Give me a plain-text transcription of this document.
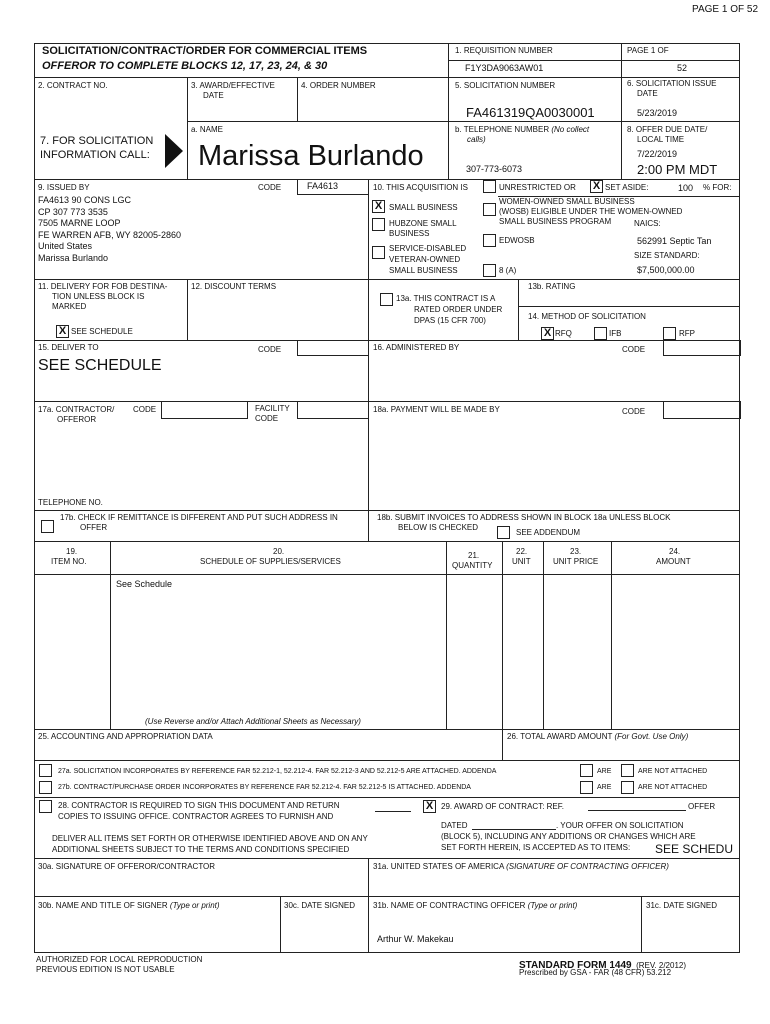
PAGE 1 OF 52
SOLICITATION/CONTRACT/ORDER FOR COMMERCIAL ITEMS
OFFEROR TO COMPLETE BLOCKS 12, 17, 23, 24, & 30
1. REQUISITION NUMBER
F1Y3DA9063AW01
PAGE 1 OF
52
2. CONTRACT NO.	3. AWARD/EFFECTIVE
DATE
4. ORDER NUMBER	5. SOLICITATION NUMBER
FA461319QA0030001
6. SOLICITATION ISSUE
DATE
5/23/2019
7. FOR SOLICITATION
INFORMATION CALL:
a. NAME
Marissa Burlando
b. TELEPHONE NUMBER (No collect
calls)
307-773-6073
8. OFFER DUE DATE/
LOCAL TIME
7/22/2019
2:00 PM MDT
9. ISSUED BY	CODE	FA4613
FA4613 90 CONS LGC
CP 307 773 3535
7505 MARNE LOOP
FE WARREN AFB, WY 82005-2860
United States
Marissa Burlando
10. THIS ACQUISITION IS	UNRESTRICTED OR X SET ASIDE:	100 % FOR:
X SMALL BUSINESS
HUBZONE SMALL
BUSINESS
SERVICE-DISABLED
VETERAN-OWNED
SMALL BUSINESS
WOMEN-OWNED SMALL BUSINESS
(WOSB) ELIGIBLE UNDER THE WOMEN-OWNED
SMALL BUSINESS PROGRAM
EDWOSB
8 (A)
NAICS:
562991 Septic Tan
SIZE STANDARD:
$7,500,000.00
11. DELIVERY FOR FOB DESTINA-
TION UNLESS BLOCK IS
MARKED
X SEE SCHEDULE
12. DISCOUNT TERMS
13a. THIS CONTRACT IS A
RATED ORDER UNDER
DPAS (15 CFR 700)
13b. RATING
14. METHOD OF SOLICITATION
X RFQ	IFB	RFP
15. DELIVER TO	CODE
SEE SCHEDULE
16. ADMINISTERED BY	CODE
17a. CONTRACTOR/
OFFEROR
CODE	FACILITY
CODE
18a. PAYMENT WILL BE MADE BY	CODE
TELEPHONE NO.
17b. CHECK IF REMITTANCE IS DIFFERENT AND PUT SUCH ADDRESS IN
OFFER
18b. SUBMIT INVOICES TO ADDRESS SHOWN IN BLOCK 18a UNLESS BLOCK
BELOW IS CHECKED
SEE ADDENDUM
19.
ITEM NO.
20.
SCHEDULE OF SUPPLIES/SERVICES
21.
QUANTITY
22.
UNIT
23.
UNIT PRICE
24.
AMOUNT
See Schedule
(Use Reverse and/or Attach Additional Sheets as Necessary)
25. ACCOUNTING AND APPROPRIATION DATA	26. TOTAL AWARD AMOUNT (For Govt. Use Only)
27a. SOLICITATION INCORPORATES BY REFERENCE FAR 52.212-1, 52.212-4. FAR 52.212-3 AND 52.212-5 ARE ATTACHED. ADDENDA	ARE	ARE NOT ATTACHED
27b. CONTRACT/PURCHASE ORDER INCORPORATES BY REFERENCE FAR 52.212-4. FAR 52.212-5 IS ATTACHED. ADDENDA	ARE	ARE NOT ATTACHED
28. CONTRACTOR IS REQUIRED TO SIGN THIS DOCUMENT AND RETURN
COPIES TO ISSUING OFFICE. CONTRACTOR AGREES TO FURNISH AND
DELIVER ALL ITEMS SET FORTH OR OTHERWISE IDENTIFIED ABOVE AND ON ANY
ADDITIONAL SHEETS SUBJECT TO THE TERMS AND CONDITIONS SPECIFIED
X 29. AWARD OF CONTRACT: REF.	OFFER
DATED	. YOUR OFFER ON SOLICITATION
(BLOCK 5), INCLUDING ANY ADDITIONS OR CHANGES WHICH ARE
SET FORTH HEREIN, IS ACCEPTED AS TO ITEMS: SEE SCHEDU
30a. SIGNATURE OF OFFEROR/CONTRACTOR	31a. UNITED STATES OF AMERICA (SIGNATURE OF CONTRACTING OFFICER)
30b. NAME AND TITLE OF SIGNER (Type or print)	30c. DATE SIGNED 31b. NAME OF CONTRACTING OFFICER (Type or print)	31c. DATE SIGNED
Arthur W. Makekau
AUTHORIZED FOR LOCAL REPRODUCTION
PREVIOUS EDITION IS NOT USABLE	STANDARD FORM 1449 (REV. 2/2012)
Prescribed by GSA - FAR (48 CFR) 53.212
